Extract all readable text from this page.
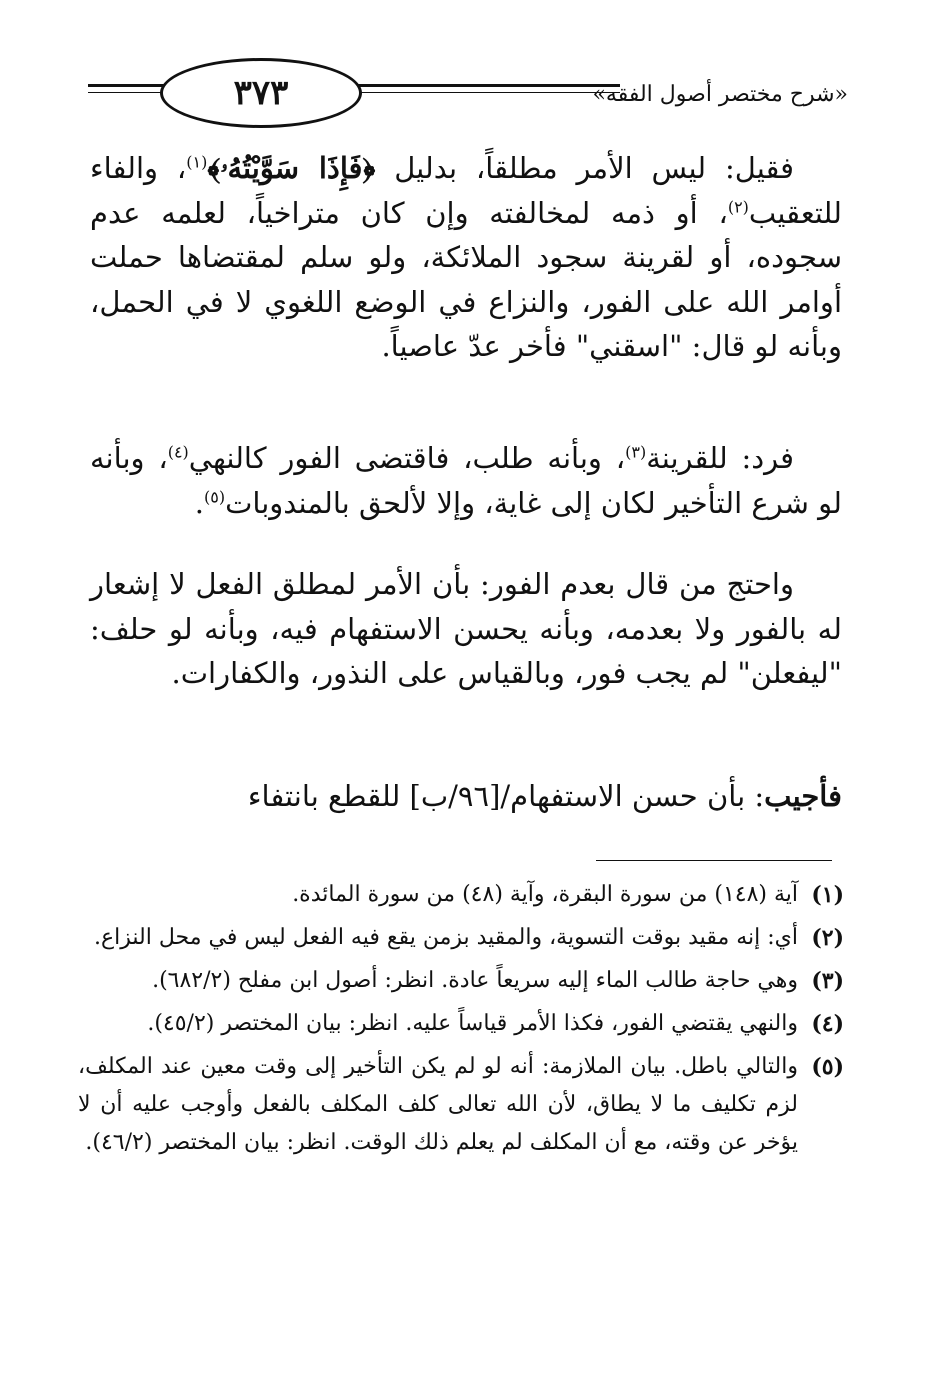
٣٧٣	«شرح مختصر أصول الفقه»
فقيل: ليس الأمر مطلقاً، بدليل ﴿فَإِذَا سَوَّيْتُهُۥ﴾$^{(١)}$، والفاء للتعقيب$^{(٢)}$، أو ذمه لمخالفته وإن كان متراخياً، لعلمه عدم سجوده، أو لقرينة سجود الملائكة، ولو سلم لمقتضاها حملت أوامر الله على الفور، والنزاع في الوضع اللغوي لا في الحمل، وبأنه لو قال: "اسقني" فأخر عدّ عاصياً.
فرد: للقرينة$^{(٣)}$، وبأنه طلب، فاقتضى الفور كالنهي$^{(٤)}$، وبأنه لو شرع التأخير لكان إلى غاية، وإلا لألحق بالمندوبات$^{(٥)}$.
واحتج من قال بعدم الفور: بأن الأمر لمطلق الفعل لا إشعار له بالفور ولا بعدمه، وبأنه يحسن الاستفهام فيه، وبأنه لو حلف: "ليفعلن" لم يجب فور، وبالقياس على النذور، والكفارات.
فأجيب: بأن حسن الاستفهام/[٩٦/ب] للقطع بانتفاء
(١)
آية (١٤٨) من سورة البقرة، وآية (٤٨) من سورة المائدة.
(٢)
أي: إنه مقيد بوقت التسوية، والمقيد بزمن يقع فيه الفعل ليس في محل النزاع.
(٣)
وهي حاجة طالب الماء إليه سريعاً عادة. انظر: أصول ابن مفلح (٦٨٢/٢).
(٤)
والنهي يقتضي الفور، فكذا الأمر قياساً عليه. انظر: بيان المختصر (٤٥/٢).
(٥)
والتالي باطل. بيان الملازمة: أنه لو لم يكن التأخير إلى وقت معين عند المكلف، لزم تكليف ما لا يطاق، لأن الله تعالى كلف المكلف بالفعل وأوجب عليه أن لا يؤخر عن وقته، مع أن المكلف لم يعلم ذلك الوقت. انظر: بيان المختصر (٤٦/٢).
